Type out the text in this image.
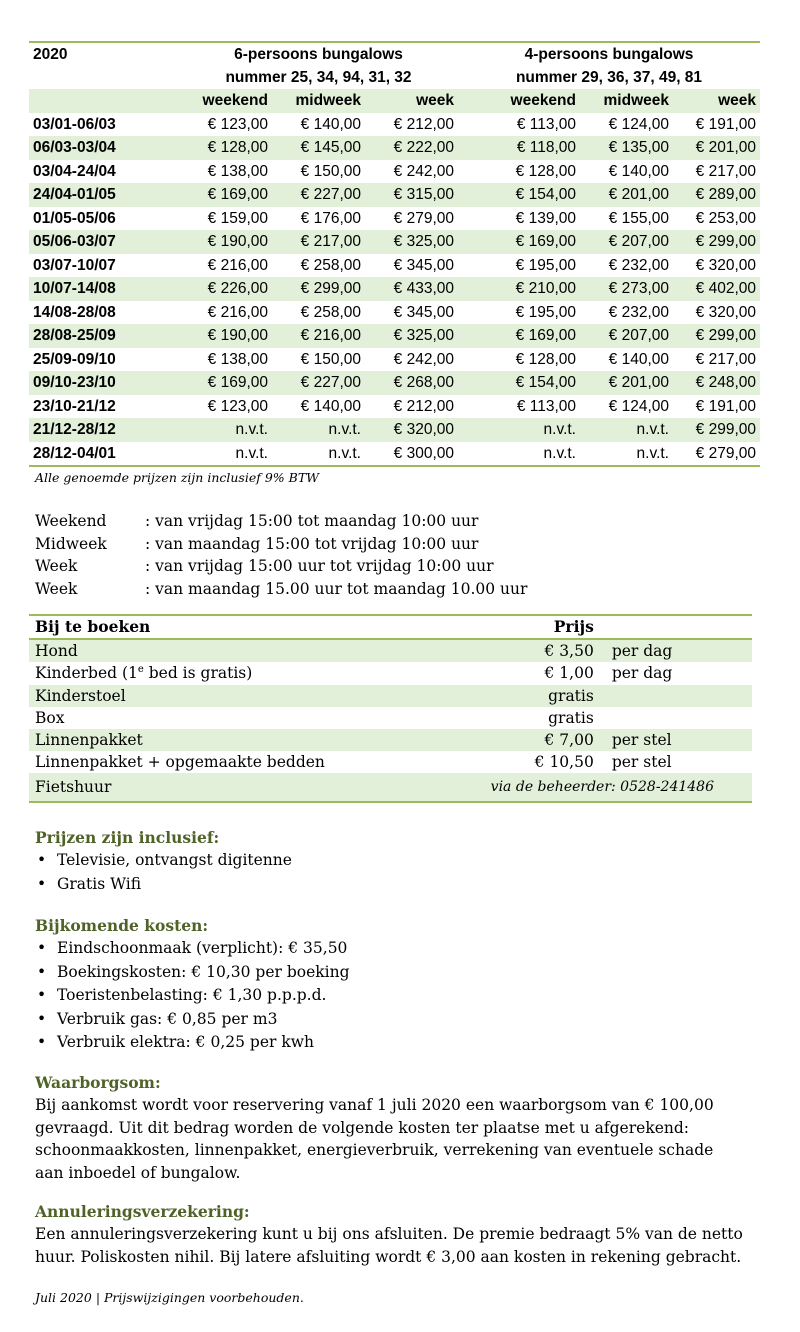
2020	6-persoons bungalows			4-persoons bungalows		
	nummer 25, 34, 94, 31, 32			nummer 29, 36, 37, 49, 81		
	weekend	midweek	week	weekend	midweek	week
03/01-06/03	€ 123,00	€ 140,00	€ 212,00	€ 113,00	€ 124,00	€ 191,00
06/03-03/04	€ 128,00	€ 145,00	€ 222,00	€ 118,00	€ 135,00	€ 201,00
03/04-24/04	€ 138,00	€ 150,00	€ 242,00	€ 128,00	€ 140,00	€ 217,00
24/04-01/05	€ 169,00	€ 227,00	€ 315,00	€ 154,00	€ 201,00	€ 289,00
01/05-05/06	€ 159,00	€ 176,00	€ 279,00	€ 139,00	€ 155,00	€ 253,00
05/06-03/07	€ 190,00	€ 217,00	€ 325,00	€ 169,00	€ 207,00	€ 299,00
03/07-10/07	€ 216,00	€ 258,00	€ 345,00	€ 195,00	€ 232,00	€ 320,00
10/07-14/08	€ 226,00	€ 299,00	€ 433,00	€ 210,00	€ 273,00	€ 402,00
14/08-28/08	€ 216,00	€ 258,00	€ 345,00	€ 195,00	€ 232,00	€ 320,00
28/08-25/09	€ 190,00	€ 216,00	€ 325,00	€ 169,00	€ 207,00	€ 299,00
25/09-09/10	€ 138,00	€ 150,00	€ 242,00	€ 128,00	€ 140,00	€ 217,00
09/10-23/10	€ 169,00	€ 227,00	€ 268,00	€ 154,00	€ 201,00	€ 248,00
23/10-21/12	€ 123,00	€ 140,00	€ 212,00	€ 113,00	€ 124,00	€ 191,00
21/12-28/12	n.v.t.	n.v.t.	€ 320,00	n.v.t.	n.v.t.	€ 299,00
28/12-04/01	n.v.t.	n.v.t.	€ 300,00	n.v.t.	n.v.t.	€ 279,00
Alle genoemde prijzen zijn inclusief 9% BTW
Weekend : van vrijdag 15:00 tot maandag 10:00 uur
Midweek : van maandag 15:00 tot vrijdag 10:00 uur
Week	: van vrijdag 15:00 uur tot vrijdag 10:00 uur
Week	: van maandag 15.00 uur tot maandag 10.00 uur
Bij te boeken	Prijs	
Hond	€ 3,50	per dag
Kinderbed (1e bed is gratis)	€ 1,00	per dag
Kinderstoel	gratis	
Box	gratis	
Linnenpakket	€ 7,00	per stel
Linnenpakket + opgemaakte bedden	€ 10,50	per stel
Fietshuur	via de beheerder: 0528-241486	
Prijzen zijn inclusief:
• Televisie, ontvangst digitenne
• Gratis Wifi
Bijkomende kosten:
• Eindschoonmaak (verplicht): € 35,50
• Boekingskosten: € 10,30 per boeking
• Toeristenbelasting: € 1,30 p.p.p.d.
• Verbruik gas: € 0,85 per m3
• Verbruik elektra: € 0,25 per kwh
Waarborgsom:

Bij aankomst wordt voor reservering vanaf 1 juli 2020 een waarborgsom van € 100,00
gevraagd. Uit dit bedrag worden de volgende kosten ter plaatse met u afgerekend:
schoonmaakkosten, linnenpakket, energieverbruik, verrekening van eventuele schade
aan inboedel of bungalow.

Annuleringsverzekering:

Een annuleringsverzekering kunt u bij ons afsluiten. De premie bedraagt 5% van de netto
huur. Poliskosten nihil. Bij latere afsluiting wordt € 3,00 aan kosten in rekening gebracht.

Juli 2020 | Prijswijzigingen voorbehouden.
